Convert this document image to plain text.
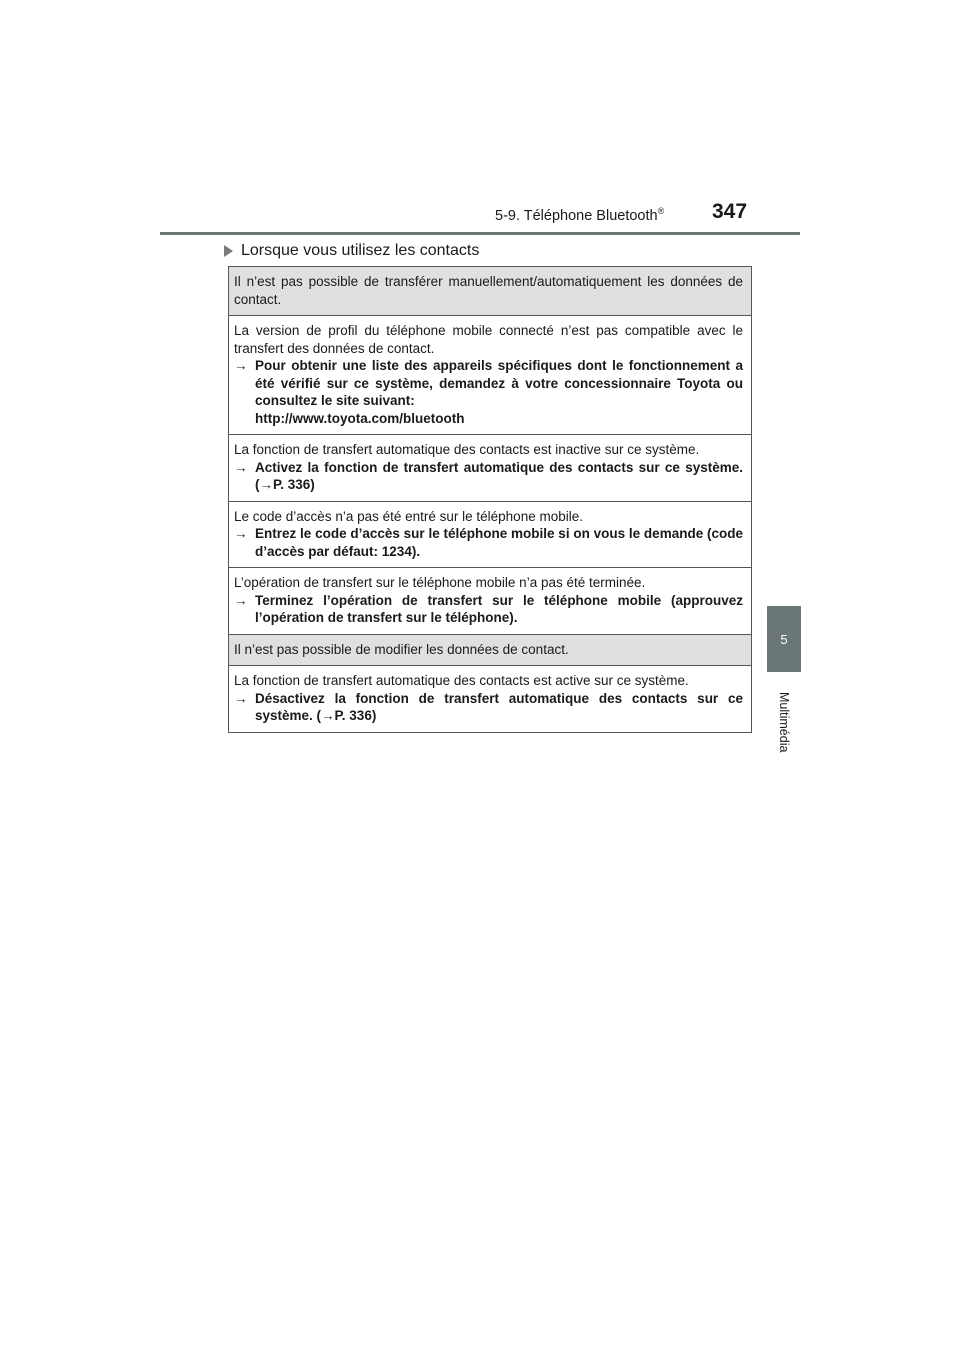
5-9. Téléphone Bluetooth® 347
5
Multimédia
Lorsque vous utilisez les contacts
Il n’est pas possible de transférer manuellement/automatiquement les données de contact.
La version de profil du téléphone mobile connecté n’est pas compatible avec le transfert des données de contact.
→ Pour obtenir une liste des appareils spécifiques dont le fonctionnement a été vérifié sur ce système, demandez à votre concessionnaire Toyota ou consultez le site suivant:
http://www.toyota.com/bluetooth
La fonction de transfert automatique des contacts est inactive sur ce système.
→ Activez la fonction de transfert automatique des contacts sur ce système. (→P. 336)
Le code d’accès n’a pas été entré sur le téléphone mobile.
→ Entrez le code d’accès sur le téléphone mobile si on vous le demande (code d’accès par défaut: 1234).
L’opération de transfert sur le téléphone mobile n’a pas été terminée.
→ Terminez l’opération de transfert sur le téléphone mobile (approuvez l’opération de transfert sur le téléphone).
Il n’est pas possible de modifier les données de contact.
La fonction de transfert automatique des contacts est active sur ce système.
→ Désactivez la fonction de transfert automatique des contacts sur ce système. (→P. 336)
